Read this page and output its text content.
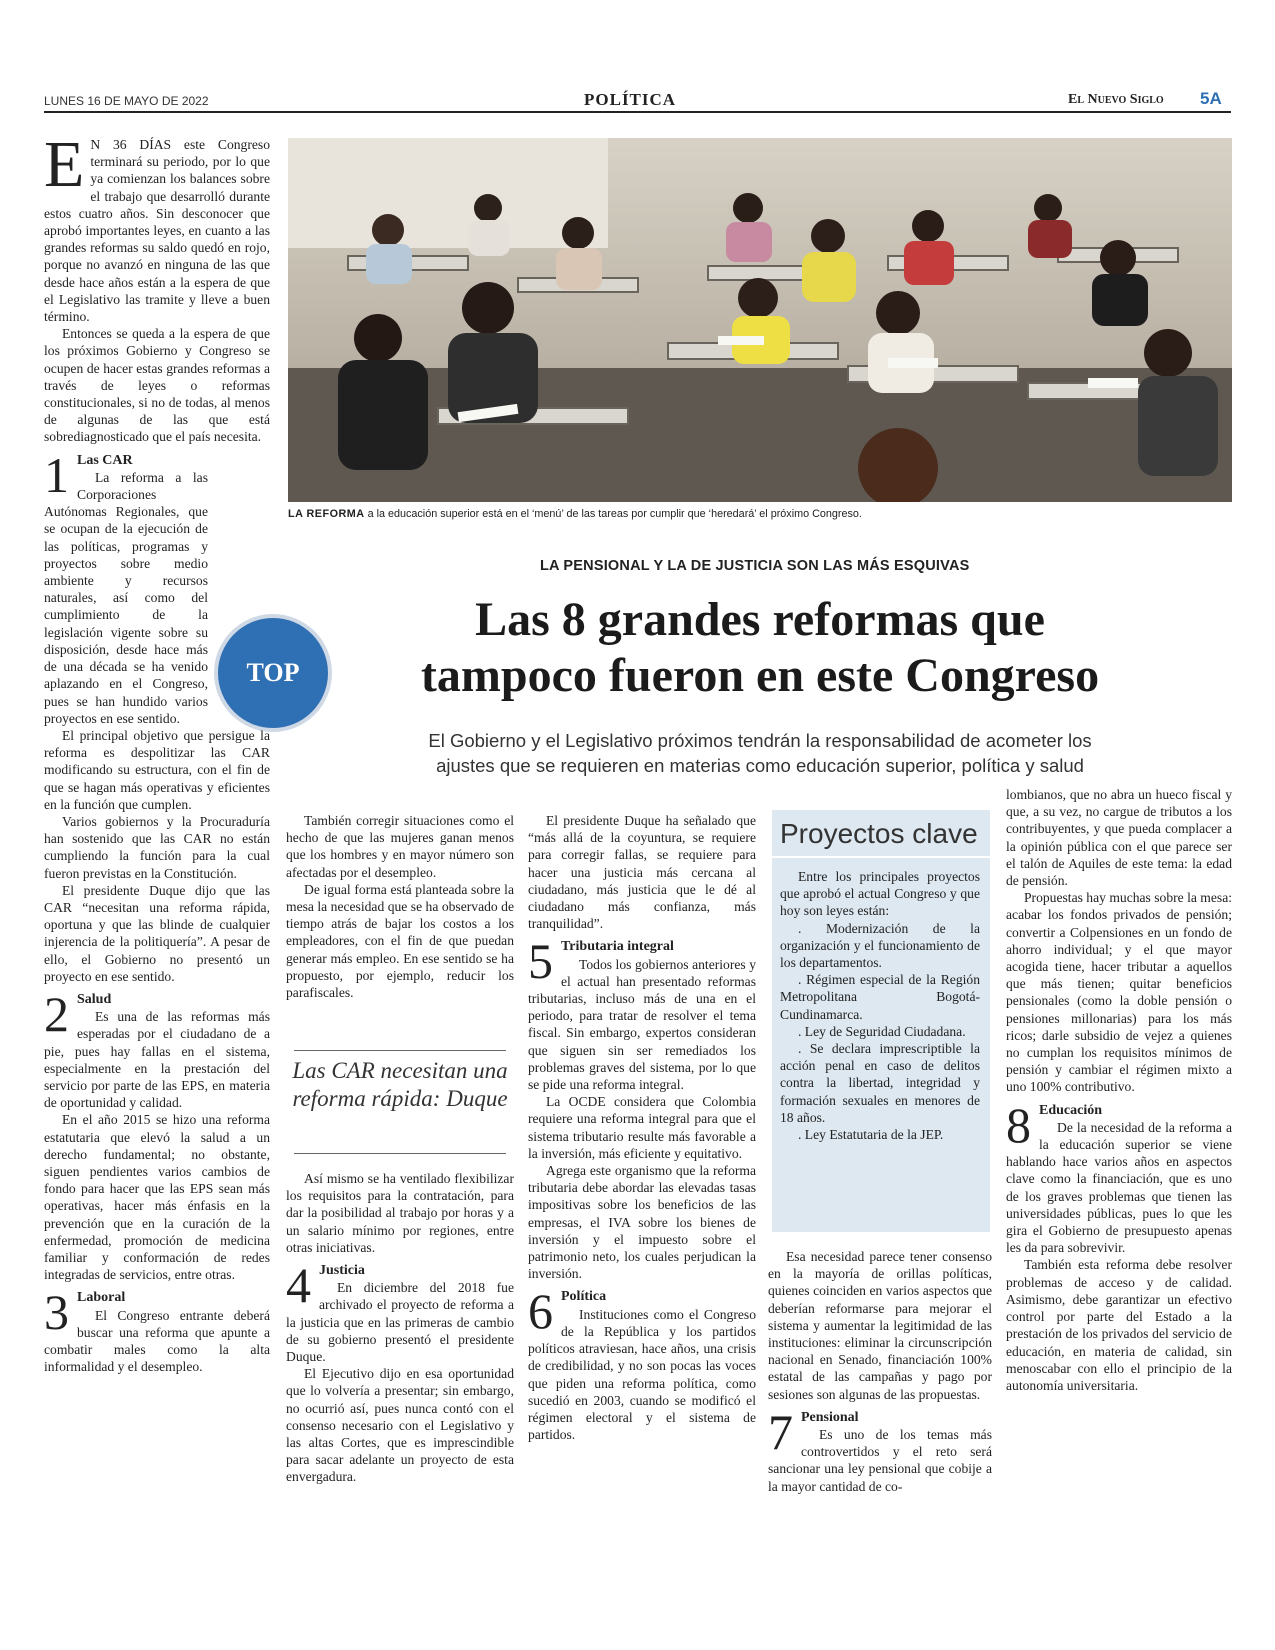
LUNES 16 DE MAYO DE 2022	POLÍTICA	El Nuevo Siglo 5A
LA REFORMA a la educación superior está en el ‘menú’ de las tareas por cumplir que ‘heredará’ el próximo Congreso.
LA PENSIONAL Y LA DE JUSTICIA SON LAS MÁS ESQUIVAS
Las 8 grandes reformas que
tampoco fueron en este Congreso
El Gobierno y el Legislativo próximos tendrán la responsabilidad de acometer los
ajustes que se requieren en materias como educación superior, política y salud
TOP

E N 36 DÍAS este Congreso terminará su periodo, por lo que ya comienzan los balances sobre el trabajo que desarrolló durante estos cuatro años. Sin desconocer que aprobó importantes leyes, en cuanto a las grandes reformas su saldo quedó en rojo, porque no avanzó en ninguna de las que desde hace años están a la espera de que el Legislativo las tramite y lleve a buen término.

Entonces se queda a la espera de que los próximos Gobierno y Congreso se ocupen de hacer estas grandes reformas a través de leyes o reformas constitucionales, si no de todas, al menos de algunas de las que está sobrediagnosticado que el país necesita.

1 Las CAR

La reforma a las Corporaciones Autónomas Regionales, que se ocupan de la ejecución de las políticas, programas y proyectos sobre medio ambiente y recursos naturales, así como del cumplimiento de la legislación vigente sobre su disposición, desde hace más de una década se ha venido aplazando en el Congreso, pues se han hundido varios proyectos en ese sentido.

El principal objetivo que persigue la reforma es despolitizar las CAR modificando su estructura, con el fin de que se hagan más operativas y eficientes en la función que cumplen.

Varios gobiernos y la Procuraduría han sostenido que las CAR no están cumpliendo la función para la cual fueron previstas en la Constitución.

El presidente Duque dijo que las CAR “necesitan una reforma rápida, oportuna y que las blinde de cualquier injerencia de la politiquería”. A pesar de ello, el Gobierno no presentó un proyecto en ese sentido.

2 Salud

Es una de las reformas más esperadas por el ciudadano de a pie, pues hay fallas en el sistema, especialmente en la prestación del servicio por parte de las EPS, en materia de oportunidad y calidad.

En el año 2015 se hizo una reforma estatutaria que elevó la salud a un derecho fundamental; no obstante, siguen pendientes varios cambios de fondo para hacer que las EPS sean más operativas, hacer más énfasis en la prevención que en la curación de la enfermedad, promoción de medicina familiar y conformación de redes integradas de servicios, entre otras.

3 Laboral

El Congreso entrante deberá buscar una reforma que apunte a combatir males como la alta informalidad y el desempleo.

También corregir situaciones como el hecho de que las mujeres ganan menos que los hombres y en mayor número son afectadas por el desempleo.

De igual forma está planteada sobre la mesa la necesidad que se ha observado de tiempo atrás de bajar los costos a los empleadores, con el fin de que puedan generar más empleo. En ese sentido se ha propuesto, por ejemplo, reducir los parafiscales.

Las CAR necesitan una reforma rápida: Duque

Así mismo se ha ventilado flexibilizar los requisitos para la contratación, para dar la posibilidad al trabajo por horas y a un salario mínimo por regiones, entre otras iniciativas.

4 Justicia

En diciembre del 2018 fue archivado el proyecto de reforma a la justicia que en las primeras de cambio de su gobierno presentó el presidente Duque.

El Ejecutivo dijo en esa oportunidad que lo volvería a presentar; sin embargo, no ocurrió así, pues nunca contó con el consenso necesario con el Legislativo y las altas Cortes, que es imprescindible para sacar adelante un proyecto de esta envergadura.

El presidente Duque ha señalado que “más allá de la coyuntura, se requiere para corregir fallas, se requiere para hacer una justicia más cercana al ciudadano, más justicia que le dé al ciudadano más confianza, más tranquilidad”.

5 Tributaria integral

Todos los gobiernos anteriores y el actual han presentado reformas tributarias, incluso más de una en el periodo, para tratar de resolver el tema fiscal. Sin embargo, expertos consideran que siguen sin ser remediados los problemas graves del sistema, por lo que se pide una reforma integral.

La OCDE considera que Colombia requiere una reforma integral para que el sistema tributario resulte más favorable a la inversión, más eficiente y equitativo.

Agrega este organismo que la reforma tributaria debe abordar las elevadas tasas impositivas sobre los beneficios de las empresas, el IVA sobre los bienes de inversión y el impuesto sobre el patrimonio neto, los cuales perjudican la inversión.

6 Política

Instituciones como el Congreso de la República y los partidos políticos atraviesan, hace años, una crisis de credibilidad, y no son pocas las voces que piden una reforma política, como sucedió en 2003, cuando se modificó el régimen electoral y el sistema de partidos.

Proyectos clave

Entre los principales proyectos que aprobó el actual Congreso y que hoy son leyes están:

. Modernización de la organización y el funcionamiento de los departamentos.

. Régimen especial de la Región Metropolitana Bogotá-Cundinamarca.

. Ley de Seguridad Ciudadana.

. Se declara imprescriptible la acción penal en caso de delitos contra la libertad, integridad y formación sexuales en menores de 18 años.

. Ley Estatutaria de la JEP.

Esa necesidad parece tener consenso en la mayoría de orillas políticas, quienes coinciden en varios aspectos que deberían reformarse para mejorar el sistema y aumentar la legitimidad de las instituciones: eliminar la circunscripción nacional en Senado, financiación 100% estatal de las campañas y pago por sesiones son algunas de las propuestas.

7 Pensional

Es uno de los temas más controvertidos y el reto será sancionar una ley pensional que cobije a la mayor cantidad de co-

lombianos, que no abra un hueco fiscal y que, a su vez, no cargue de tributos a los contribuyentes, y que pueda complacer a la opinión pública con el que parece ser el talón de Aquiles de este tema: la edad de pensión.

Propuestas hay muchas sobre la mesa: acabar los fondos privados de pensión; convertir a Colpensiones en un fondo de ahorro individual; y el que mayor acogida tiene, hacer tributar a aquellos que más tienen; quitar beneficios pensionales (como la doble pensión o pensiones millonarias) para los más ricos; darle subsidio de vejez a quienes no cumplan los requisitos mínimos de pensión y cambiar el régimen mixto a uno 100% contributivo.

8 Educación

De la necesidad de la reforma a la educación superior se viene hablando hace varios años en aspectos clave como la financiación, que es uno de los graves problemas que tienen las universidades públicas, pues lo que les gira el Gobierno de presupuesto apenas les da para sobrevivir.

También esta reforma debe resolver problemas de acceso y de calidad. Asimismo, debe garantizar un efectivo control por parte del Estado a la prestación de los privados del servicio de educación, en materia de calidad, sin menoscabar con ello el principio de la autonomía universitaria.
